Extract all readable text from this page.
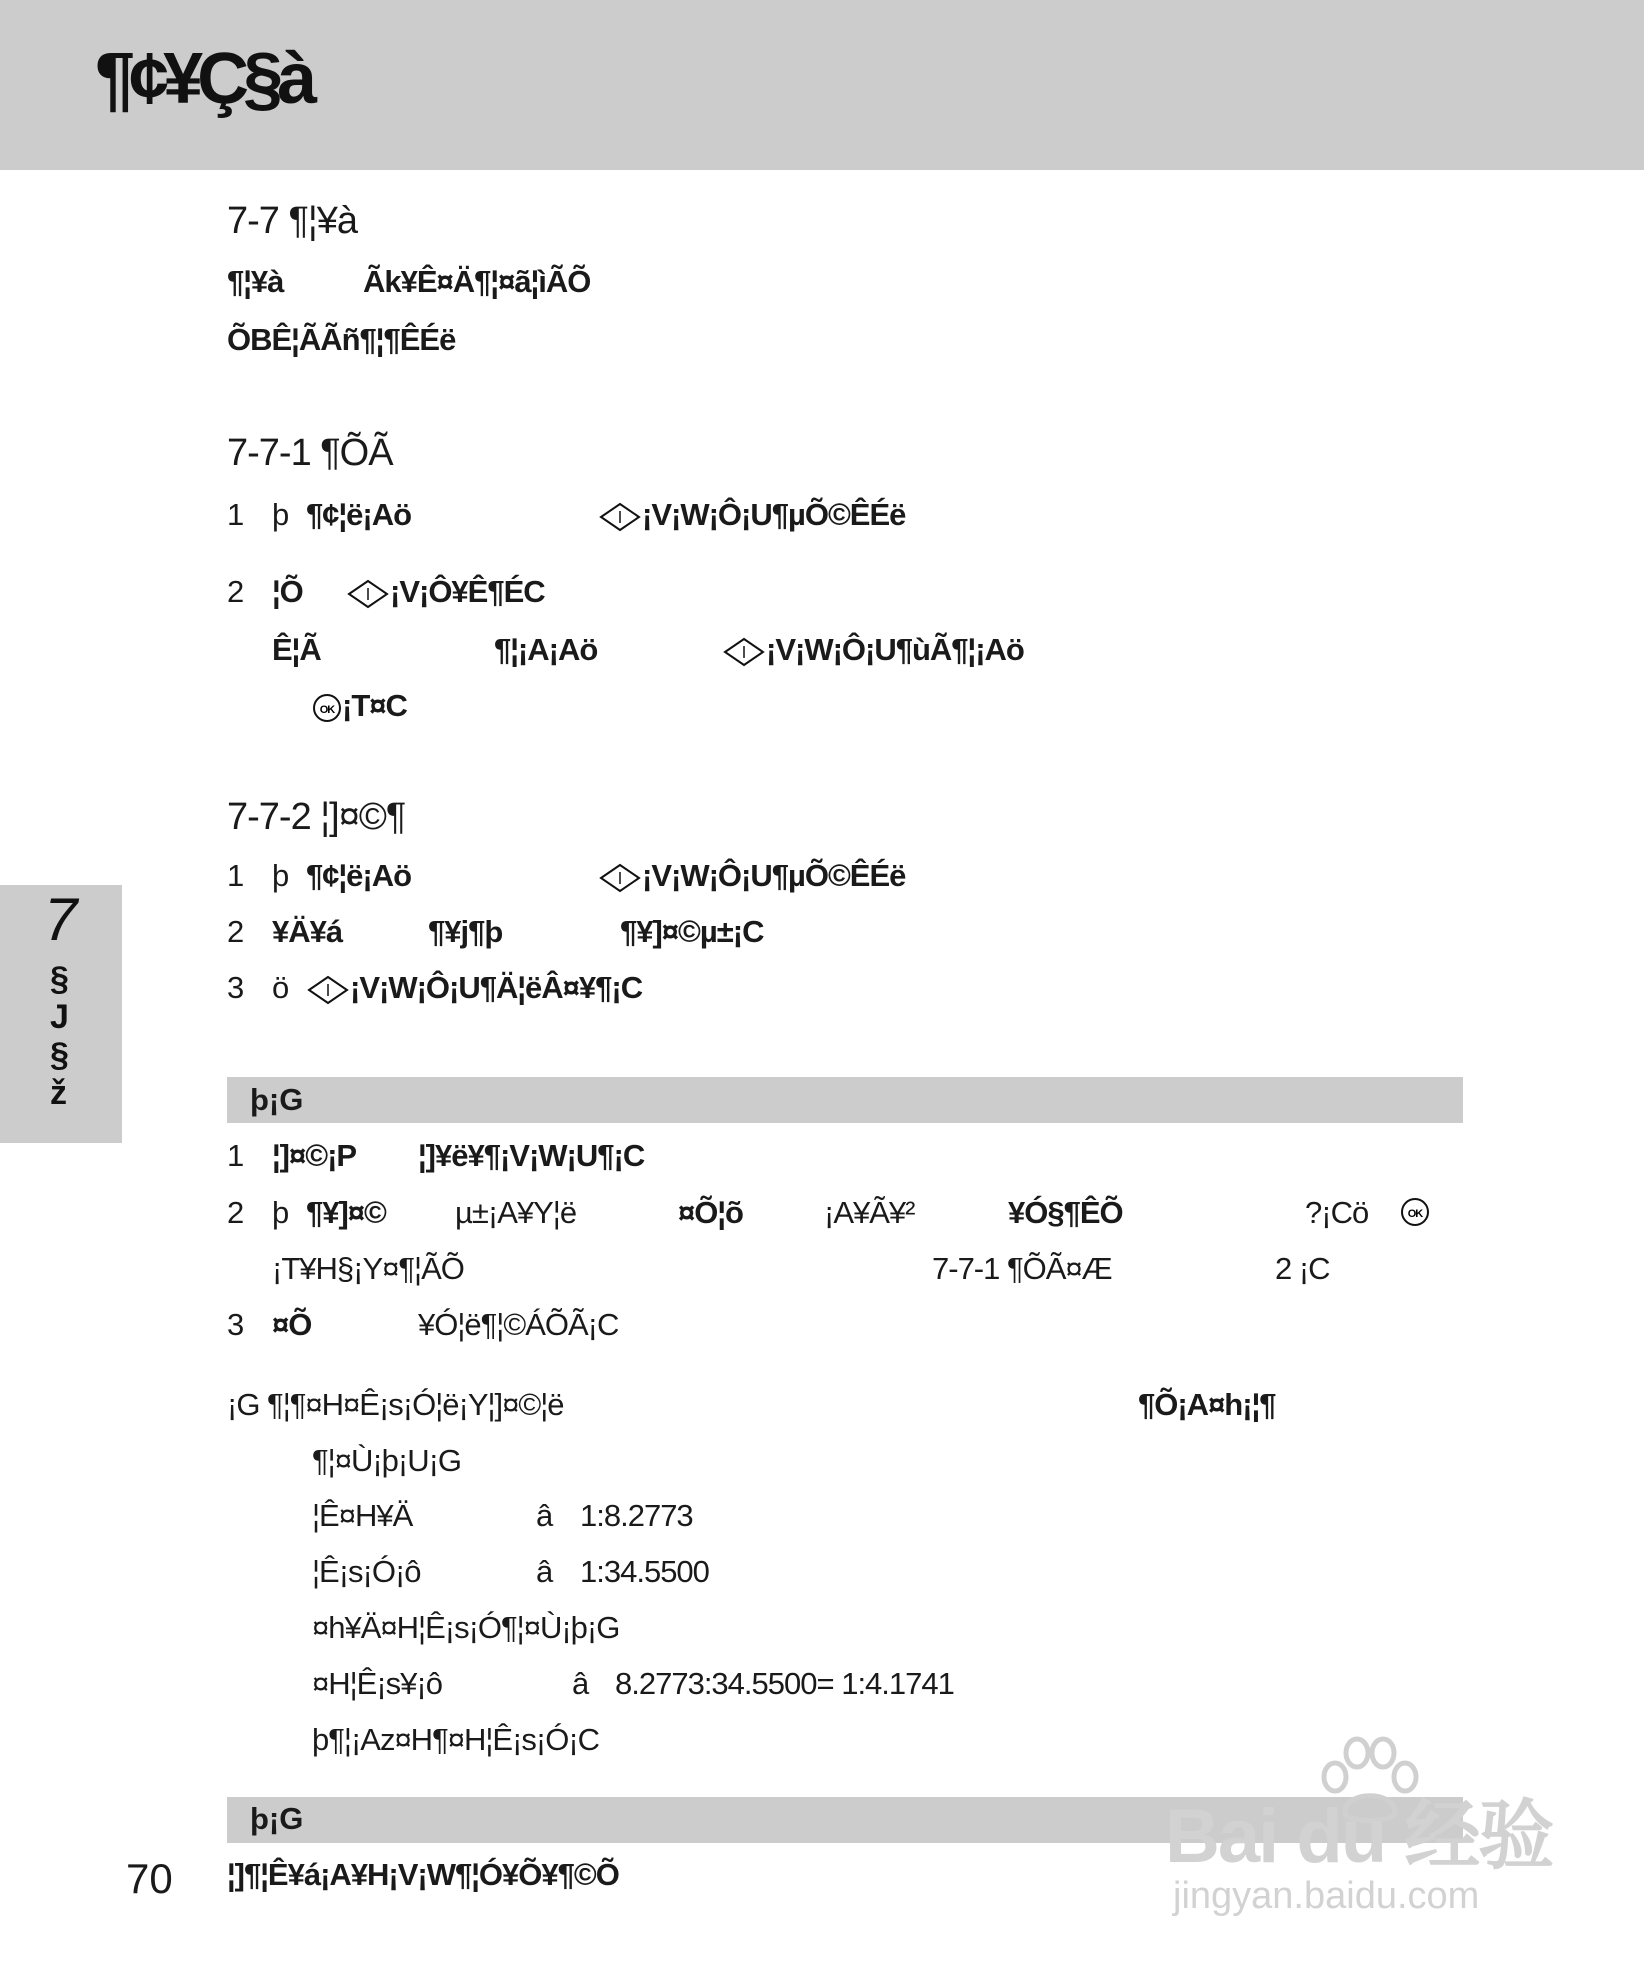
¶¢¥Ç§à
7
§J§ž
7-7 ¶¦¥à
¶¦¥à	Ãk¥Ê¤Ä¶¦¤ã¦ìÃÕ
ÕBÊ¦ÃÃñ¶¦¶ÊÉë
7-7-1 ¶ÕÃ
1 þ ¶¢¦ë¡Aö	¡V¡W¡Ô¡U¶µÕ©ÊÉë
2 ¦Õ	¡V¡Ô¥Ê¶ÉC
Ê¦Ã	¶¦¡A¡Aö	¡V¡W¡Ô¡U¶ùÃ¶¦¡Aö
OK ¡T¤C
7-7-2 ¦]¤©¶
1 þ ¶¢¦ë¡Aö	¡V¡W¡Ô¡U¶µÕ©ÊÉë
2 ¥Ä¥á	¶¥j¶þ	¶¥]¤©µ±¡C
3 ö	¡V¡W¡Ô¡U¶Ä¦ëÂ¤¥¶¡C
þ¡G
1 ¦]¤©¡P ¦]¥ë¥¶¡V¡W¡U¶¡C
2 þ ¶¥]¤© µ±¡A¥Y¦ë	¤Õ¦õ	¡A¥Ã¥²	¥Ó§¶ÊÕ	?¡Cö	OK
¡T¥H§¡Y¤¶¦ÃÕ	7-7-1 ¶ÕÃ¤Æ	2 ¡C
3 ¤Õ	¥Ó¦ë¶¦©ÁÕÃ¡C
¡G ¶¦¶¤H¤Ê¡s¡Ó¦ë¡Y¦]¤©¦ë	¶Õ¡A¤h¡¦¶
¶¦¤Ù¡þ¡U¡G
¦Ê¤H¥Ä	â 1:8.2773
¦Ê¡s¡Ó¡ô	â 1:34.5500
¤h¥Ä¤H¦Ê¡s¡Ó¶¦¤Ù¡þ¡G
¤H¦Ê¡s¥¡ô	â 8.2773:34.5500= 1:4.1741
þ¶¦¡Az¤H¶¤H¦Ê¡s¡Ó¡C
þ¡G
¦]¶¦Ê¥á¡A¥H¡V¡W¶¦Ó¥Õ¥¶©Õ
70	Bai du 经验
jingyan.baidu.com
